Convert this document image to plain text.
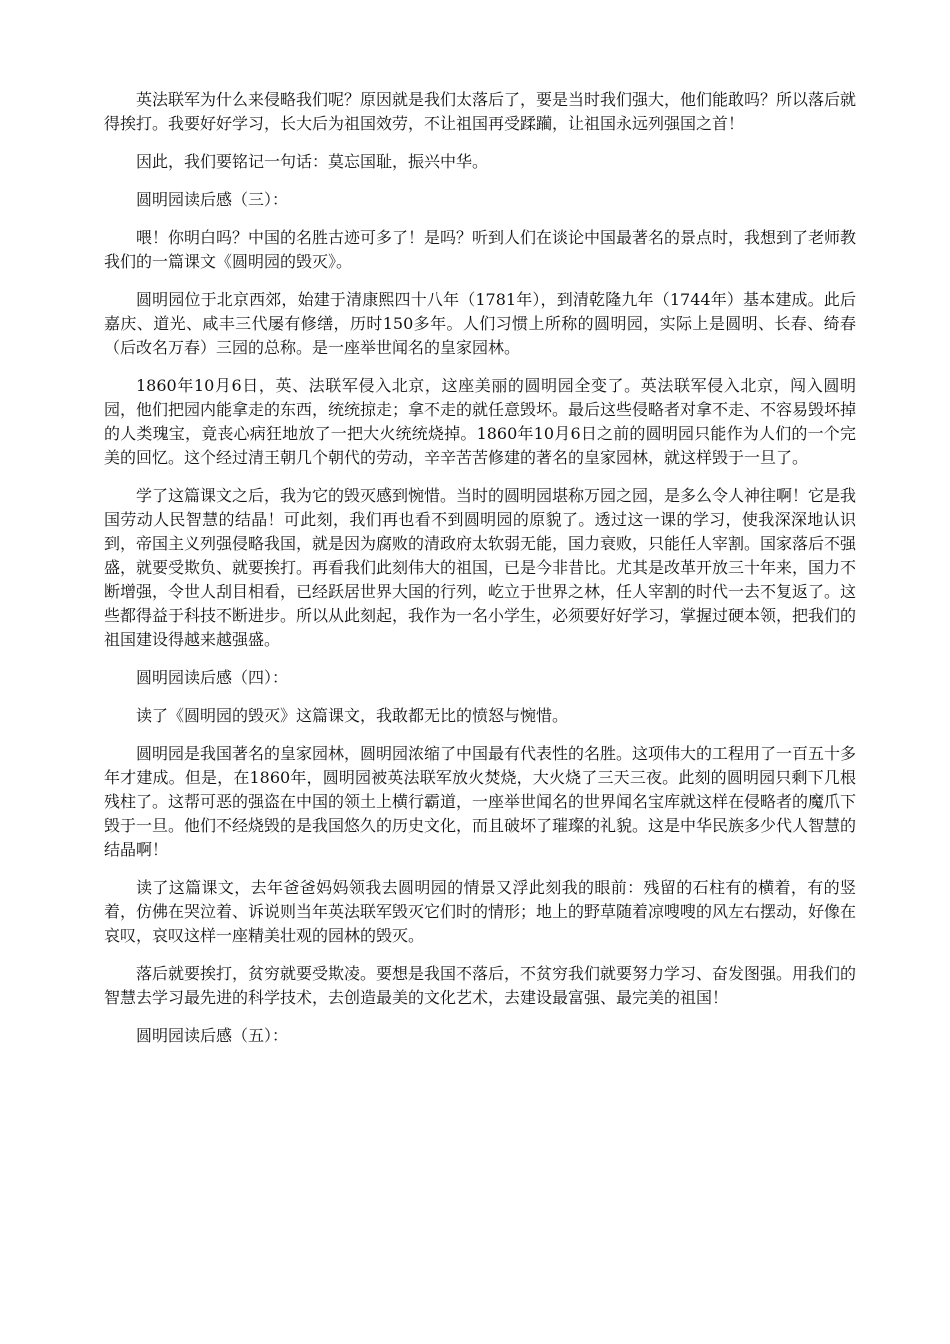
英法联军为什么来侵略我们呢？原因就是我们太落后了，要是当时我们强大，他们能敢吗？所以落后就得挨打。我要好好学习，长大后为祖国效劳，不让祖国再受蹂躏，让祖国永远列强国之首！

因此，我们要铭记一句话：莫忘国耻，振兴中华。

圆明园读后感（三）：

喂！你明白吗？中国的名胜古迹可多了！是吗？听到人们在谈论中国最著名的景点时，我想到了老师教我们的一篇课文《圆明园的毁灭》。

圆明园位于北京西郊，始建于清康熙四十八年（1781年），到清乾隆九年（1744年）基本建成。此后嘉庆、道光、咸丰三代屡有修缮，历时150多年。人们习惯上所称的圆明园，实际上是圆明、长春、绮春（后改名万春）三园的总称。是一座举世闻名的皇家园林。

1860年10月6日，英、法联军侵入北京，这座美丽的圆明园全变了。英法联军侵入北京，闯入圆明园，他们把园内能拿走的东西，统统掠走；拿不走的就任意毁坏。最后这些侵略者对拿不走、不容易毁坏掉的人类瑰宝，竟丧心病狂地放了一把大火统统烧掉。1860年10月6日之前的圆明园只能作为人们的一个完美的回忆。这个经过清王朝几个朝代的劳动，辛辛苦苦修建的著名的皇家园林，就这样毁于一旦了。

学了这篇课文之后，我为它的毁灭感到惋惜。当时的圆明园堪称万园之园，是多么令人神往啊！它是我国劳动人民智慧的结晶！可此刻，我们再也看不到圆明园的原貌了。透过这一课的学习，使我深深地认识到，帝国主义列强侵略我国，就是因为腐败的清政府太软弱无能，国力衰败，只能任人宰割。国家落后不强盛，就要受欺负、就要挨打。再看我们此刻伟大的祖国，已是今非昔比。尤其是改革开放三十年来，国力不断增强，令世人刮目相看，已经跃居世界大国的行列，屹立于世界之林，任人宰割的时代一去不复返了。这些都得益于科技不断进步。所以从此刻起，我作为一名小学生，必须要好好学习，掌握过硬本领，把我们的祖国建设得越来越强盛。

圆明园读后感（四）：

读了《圆明园的毁灭》这篇课文，我敢都无比的愤怒与惋惜。

圆明园是我国著名的皇家园林，圆明园浓缩了中国最有代表性的名胜。这项伟大的工程用了一百五十多年才建成。但是，在1860年，圆明园被英法联军放火焚烧，大火烧了三天三夜。此刻的圆明园只剩下几根残柱了。这帮可恶的强盗在中国的领土上横行霸道，一座举世闻名的世界闻名宝库就这样在侵略者的魔爪下毁于一旦。他们不经烧毁的是我国悠久的历史文化，而且破坏了璀璨的礼貌。这是中华民族多少代人智慧的结晶啊！

读了这篇课文，去年爸爸妈妈领我去圆明园的情景又浮此刻我的眼前：残留的石柱有的横着，有的竖着，仿佛在哭泣着、诉说则当年英法联军毁灭它们时的情形；地上的野草随着凉嗖嗖的风左右摆动，好像在哀叹，哀叹这样一座精美壮观的园林的毁灭。

落后就要挨打，贫穷就要受欺凌。要想是我国不落后，不贫穷我们就要努力学习、奋发图强。用我们的智慧去学习最先进的科学技术，去创造最美的文化艺术，去建设最富强、最完美的祖国！

圆明园读后感（五）：
